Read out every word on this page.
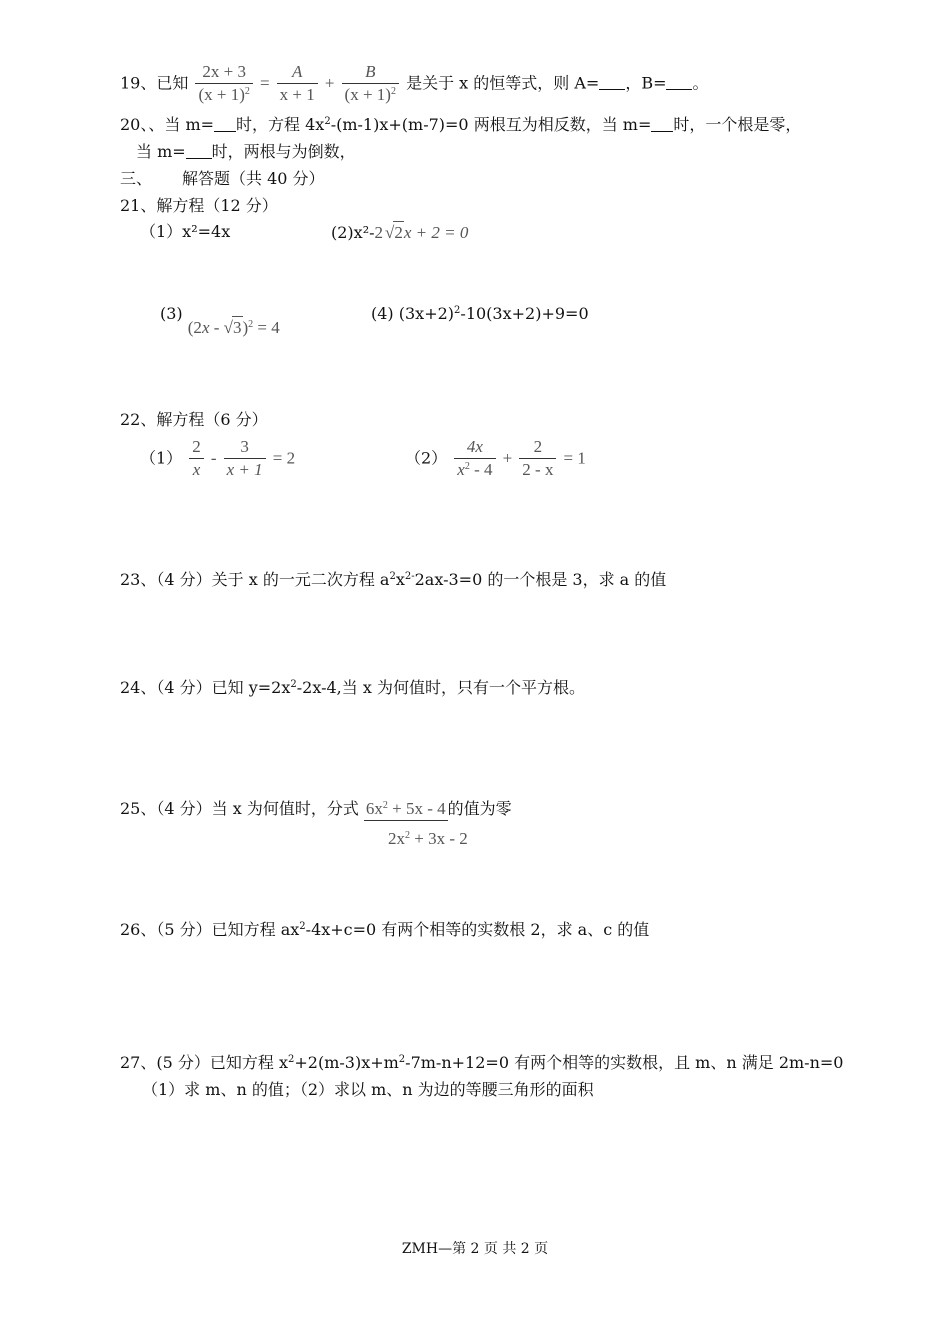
19、已知 $\frac{2x + 3}{(x + 1)^2} = \frac{A}{x + 1} + \frac{B}{(x + 1)^2}$ 是关于 x 的恒等式，则 A= ，B= 。
20、、当 m= 时，方程 $4x^2-(m-1)x+(m-7)=0$ 两根互为相反数，当 m= 时，一个根是零，
当 m= 时，两根与为倒数，
三、 解答题（共 40 分）
21、解方程（12 分）
（1）x²=4x	(2)x²-2 √2x + 2 = 0
(3) (2x - √3)$^2$ = 4
(4) $(3x+2)^2-10(3x+2)+9=0$
22、解方程（6 分）
$(1) \frac{2}{x} - \frac{3}{x + 1} = 2$	$(2) \frac{4x}{x^2 - 4} + \frac{2}{2 - x} = 1$
23、（4 分）关于 x 的一元二次方程 $a^2x^{2-}2ax-3=0$ 的一个根是 3，求 a 的值
24、（4 分）已知 $y=2x^2-2x-4$,当 x 为何值时，只有一个平方根。
25、（4 分）当 x 为何值时，分式 $6x^2 + 5x - 4$ 的值为零
$2x^2 + 3x - 2$
26、（5 分）已知方程 $ax^2-4x+c=0$ 有两个相等的实数根 2，求 a、c 的值
27、(5 分）已知方程 $x^2+2(m-3)x+m^2-7m-n+12=0$ 有两个相等的实数根，且 m、n 满足 2m-n=0
（1）求 m、n 的值；（2）求以 m、n 为边的等腰三角形的面积
ZMH—第 2 页 共 2 页
